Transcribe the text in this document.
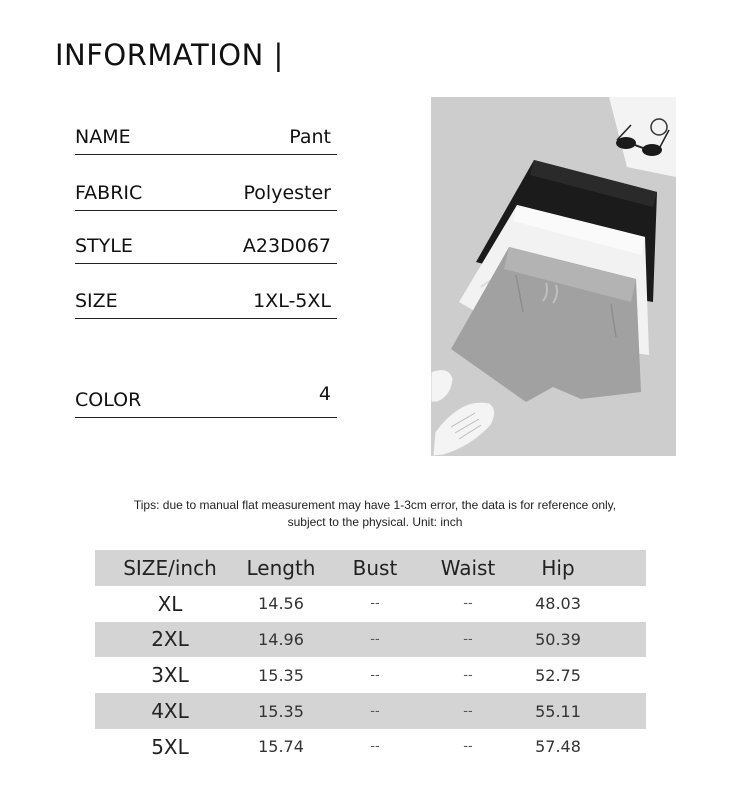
INFORMATION |
NAME	Pant
FABRIC	Polyester
STYLE	A23D067
SIZE	1XL-5XL
COLOR	4
Tips: due to manual flat measurement may have 1-3cm error, the data is for reference only,
subject to the physical. Unit: inch
SIZE/inch	Length	Bust	Waist	Hip
XL	14.56	--	--	48.03
2XL	14.96	--	--	50.39
3XL	15.35	--	--	52.75
4XL	15.35	--	--	55.11
5XL	15.74	--	--	57.48
